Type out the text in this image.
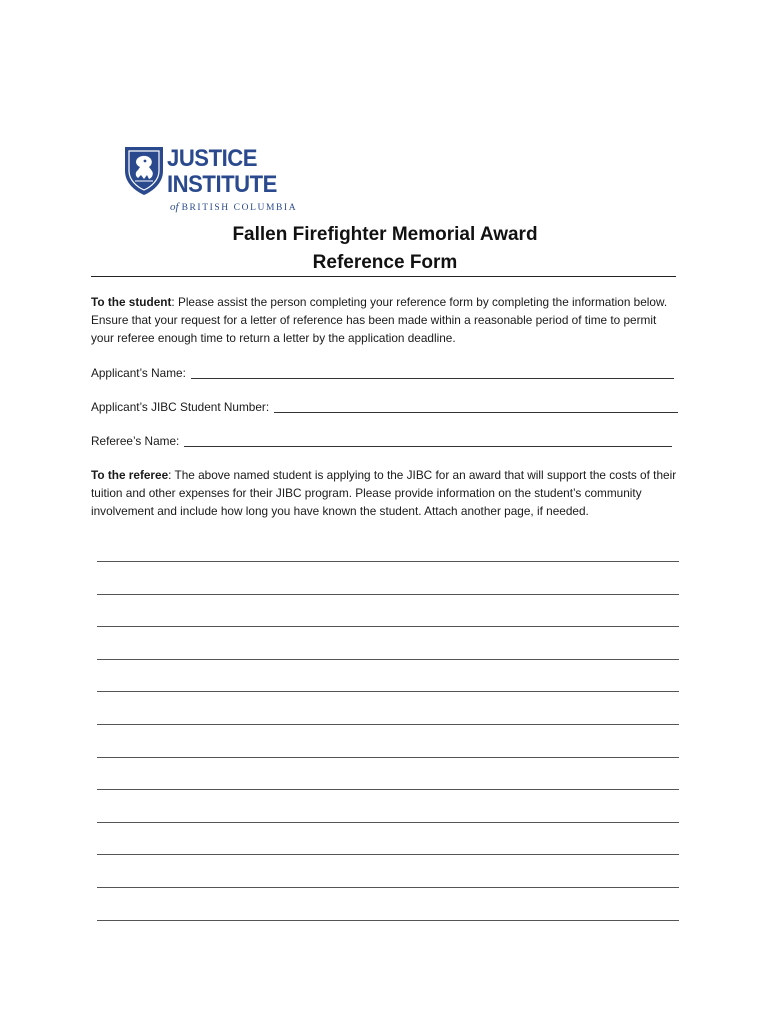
JUSTICE
INSTITUTE
of BRITISH COLUMBIA
Fallen Firefighter Memorial Award
Reference Form
To the student: Please assist the person completing your reference form by completing the information below. Ensure that your request for a letter of reference has been made within a reasonable period of time to permit your referee enough time to return a letter by the application deadline.
Applicant’s Name:
Applicant’s JIBC Student Number:
Referee’s Name:
To the referee: The above named student is applying to the JIBC for an award that will support the costs of their tuition and other expenses for their JIBC program. Please provide information on the student’s community involvement and include how long you have known the student. Attach another page, if needed.
